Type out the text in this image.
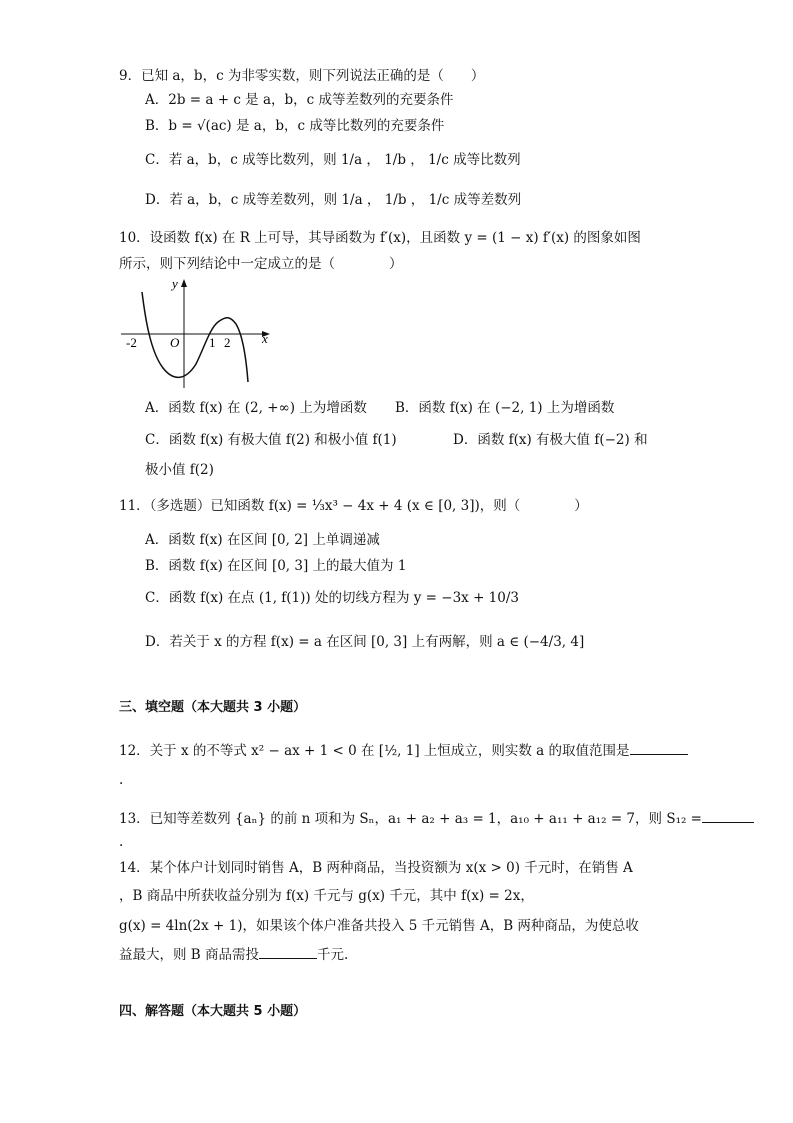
9．已知 a，b，c 为非零实数，则下列说法正确的是（　　）
A．2b = a + c 是 a，b，c 成等差数列的充要条件
B．b = √(ac) 是 a，b，c 成等比数列的充要条件
C．若 a，b，c 成等比数列，则 1/a ， 1/b ， 1/c 成等比数列
D．若 a，b，c 成等差数列，则 1/a ， 1/b ， 1/c 成等差数列
10．设函数 f(x) 在 R 上可导，其导函数为 f′(x)，且函数 y = (1 − x) f′(x) 的图象如图
所示，则下列结论中一定成立的是（　　　　）
y
x
O
-2	1 2
A．函数 f(x) 在 (2, +∞) 上为增函数 B．函数 f(x) 在 (−2, 1) 上为增函数
C．函数 f(x) 有极大值 f(2) 和极小值 f(1)	D．函数 f(x) 有极大值 f(−2) 和
极小值 f(2)
11．（多选题）已知函数 f(x) = ⅓x³ − 4x + 4 (x ∈ [0, 3])，则（　　　　）
A．函数 f(x) 在区间 [0, 2] 上单调递减
B．函数 f(x) 在区间 [0, 3] 上的最大值为 1
C．函数 f(x) 在点 (1, f(1)) 处的切线方程为 y = −3x + 10/3
D．若关于 x 的方程 f(x) = a 在区间 [0, 3] 上有两解，则 a ∈ (−4/3, 4]
三、填空题（本大题共 3 小题）
12．关于 x 的不等式 x² − ax + 1 < 0 在 [½, 1] 上恒成立，则实数 a 的取值范围是
.
13．已知等差数列 {aₙ} 的前 n 项和为 Sₙ，a₁ + a₂ + a₃ = 1，a₁₀ + a₁₁ + a₁₂ = 7，则 S₁₂ =
.
14．某个体户计划同时销售 A，B 两种商品，当投资额为 x(x > 0) 千元时，在销售 A
，B 商品中所获收益分别为 f(x) 千元与 g(x) 千元，其中 f(x) = 2x，
g(x) = 4ln(2x + 1)，如果该个体户准备共投入 5 千元销售 A，B 两种商品，为使总收
益最大，则 B 商品需投	千元.
四、解答题（本大题共 5 小题）
